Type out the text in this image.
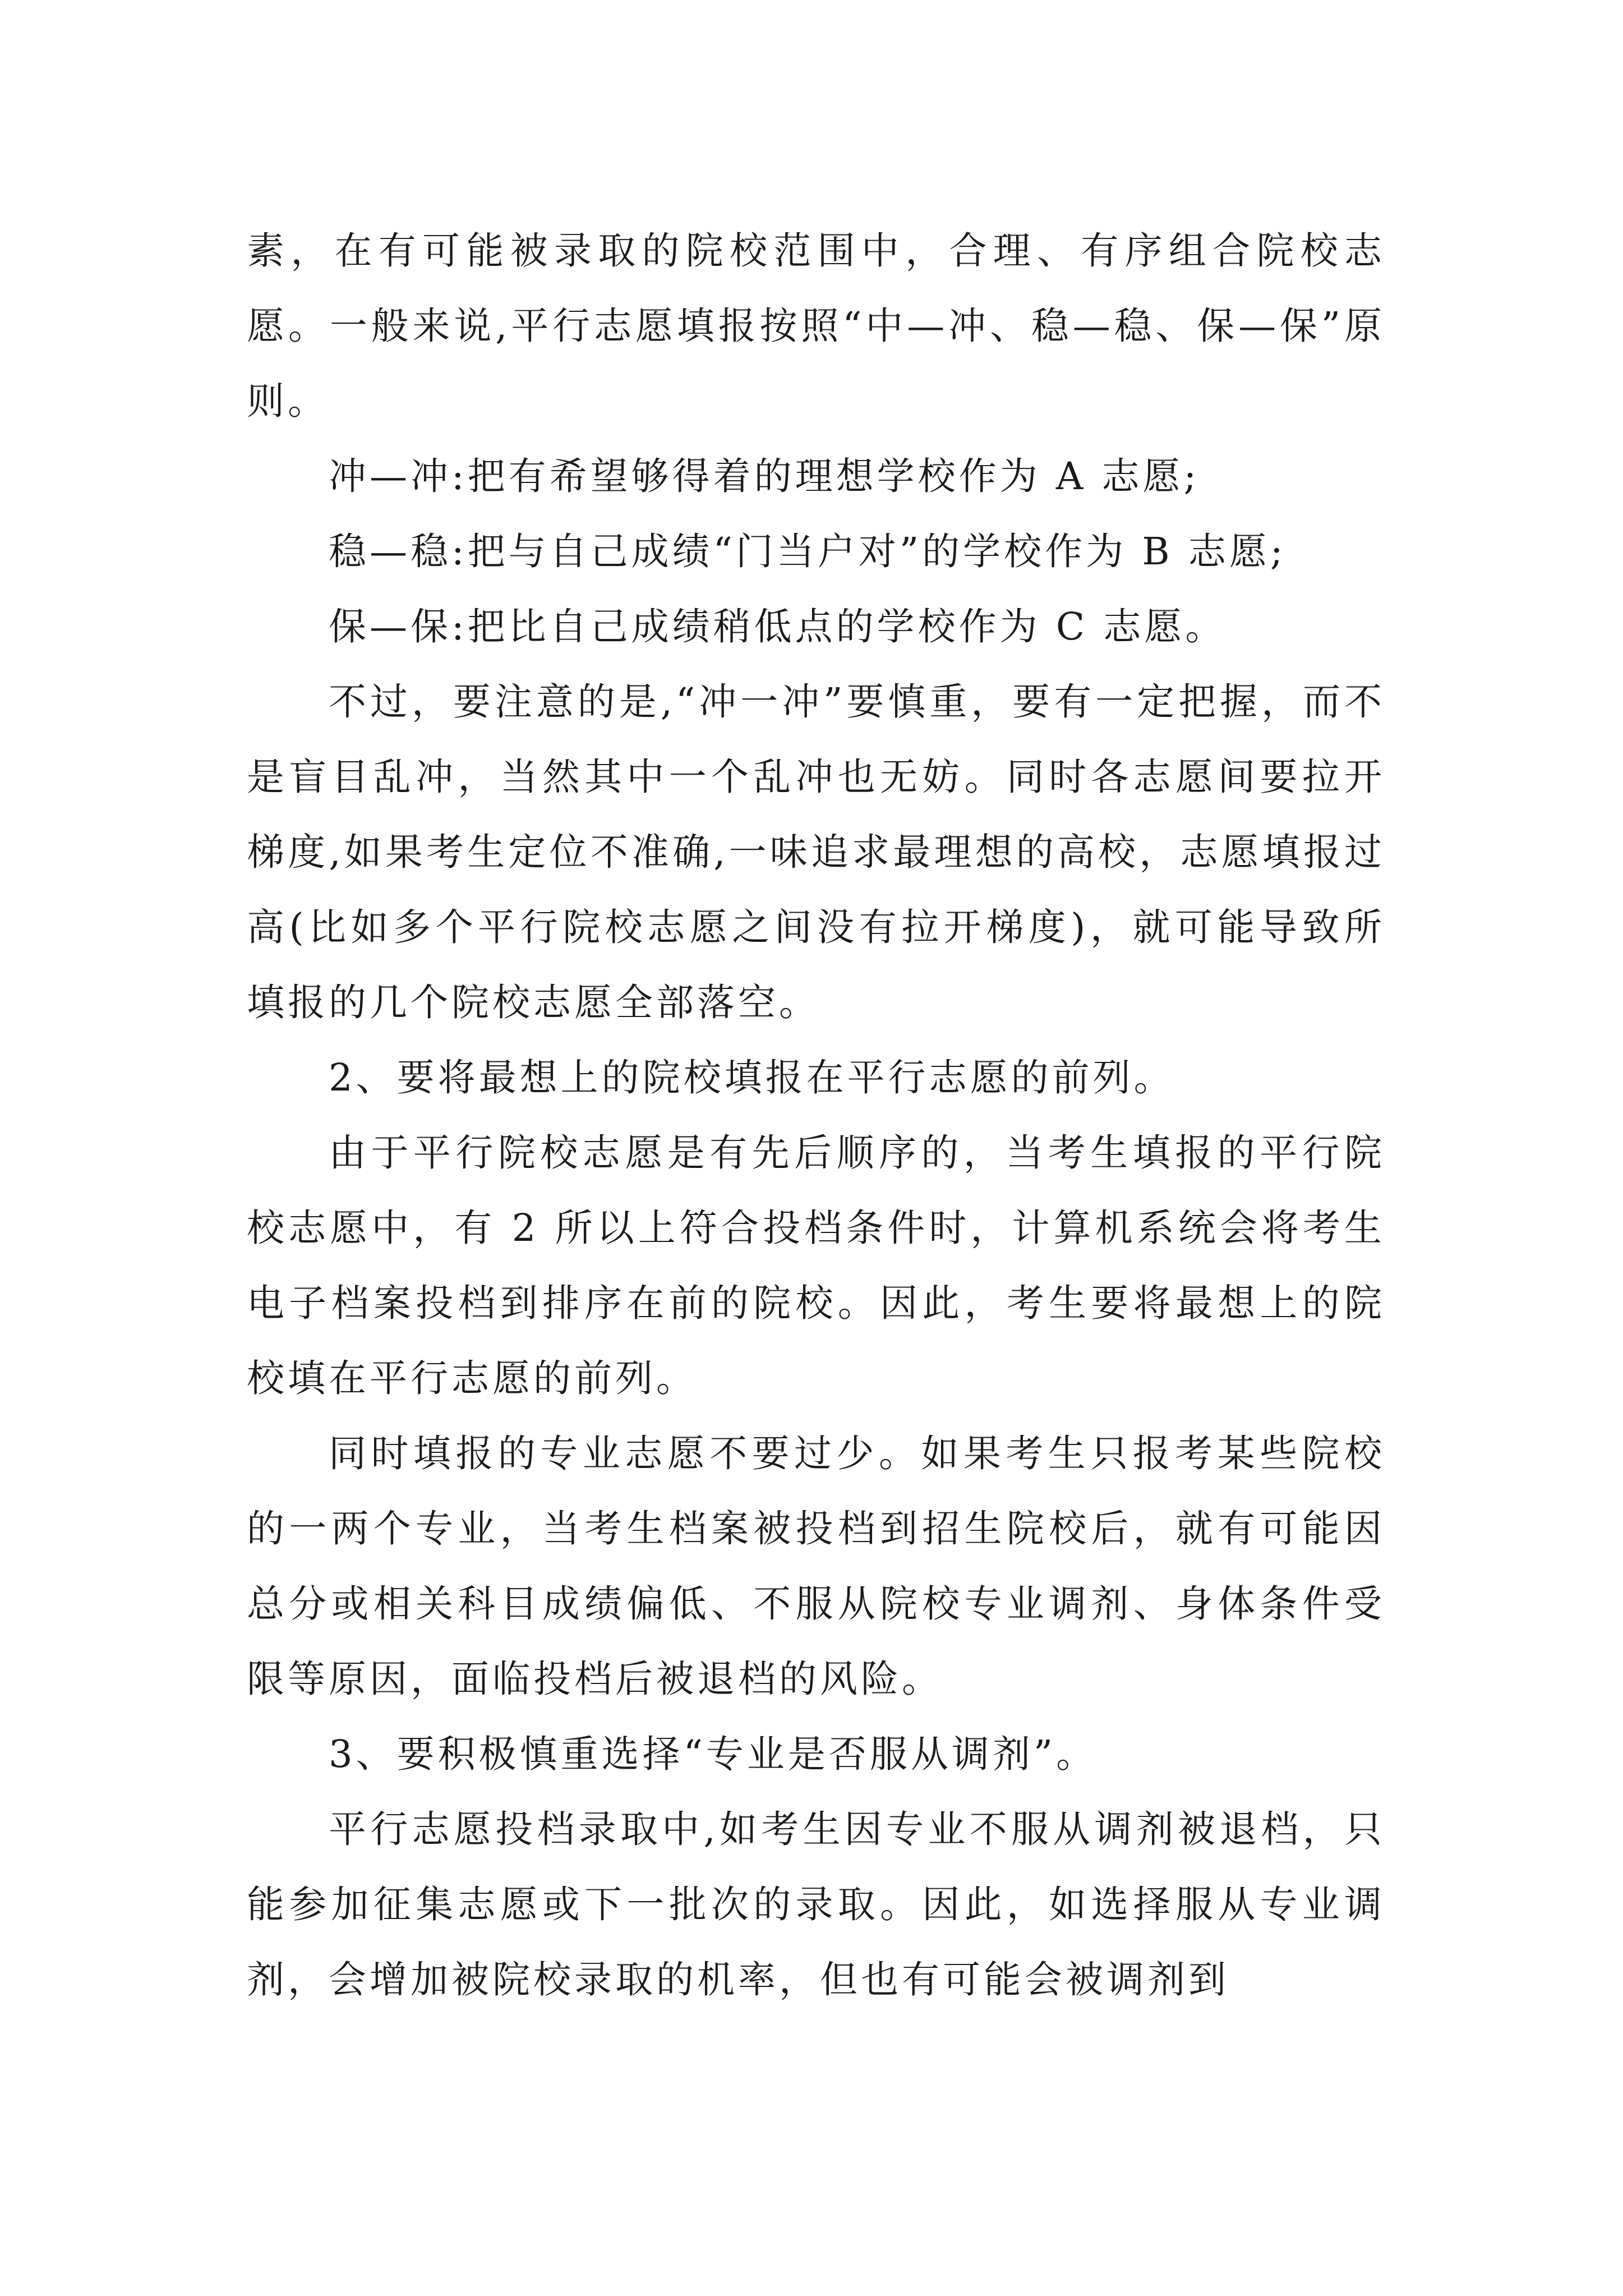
素，在有可能被录取的院校范围中，合理、有序组合院校志愿。一般来说,平行志愿填报按照“中—冲、稳—稳、保—保”原则。

冲—冲:把有希望够得着的理想学校作为 A 志愿;

稳—稳:把与自己成绩“门当户对”的学校作为 B 志愿;

保—保:把比自己成绩稍低点的学校作为 C 志愿。

不过，要注意的是,“冲一冲”要慎重，要有一定把握，而不是盲目乱冲，当然其中一个乱冲也无妨。同时各志愿间要拉开梯度,如果考生定位不准确,一味追求最理想的高校，志愿填报过高(比如多个平行院校志愿之间没有拉开梯度)，就可能导致所填报的几个院校志愿全部落空。

2、要将最想上的院校填报在平行志愿的前列。

由于平行院校志愿是有先后顺序的，当考生填报的平行院校志愿中，有 2 所以上符合投档条件时，计算机系统会将考生电子档案投档到排序在前的院校。因此，考生要将最想上的院校填在平行志愿的前列。

同时填报的专业志愿不要过少。如果考生只报考某些院校的一两个专业，当考生档案被投档到招生院校后，就有可能因总分或相关科目成绩偏低、不服从院校专业调剂、身体条件受限等原因，面临投档后被退档的风险。

3、要积极慎重选择“专业是否服从调剂”。

平行志愿投档录取中,如考生因专业不服从调剂被退档，只能参加征集志愿或下一批次的录取。因此，如选择服从专业调剂，会增加被院校录取的机率，但也有可能会被调剂到
